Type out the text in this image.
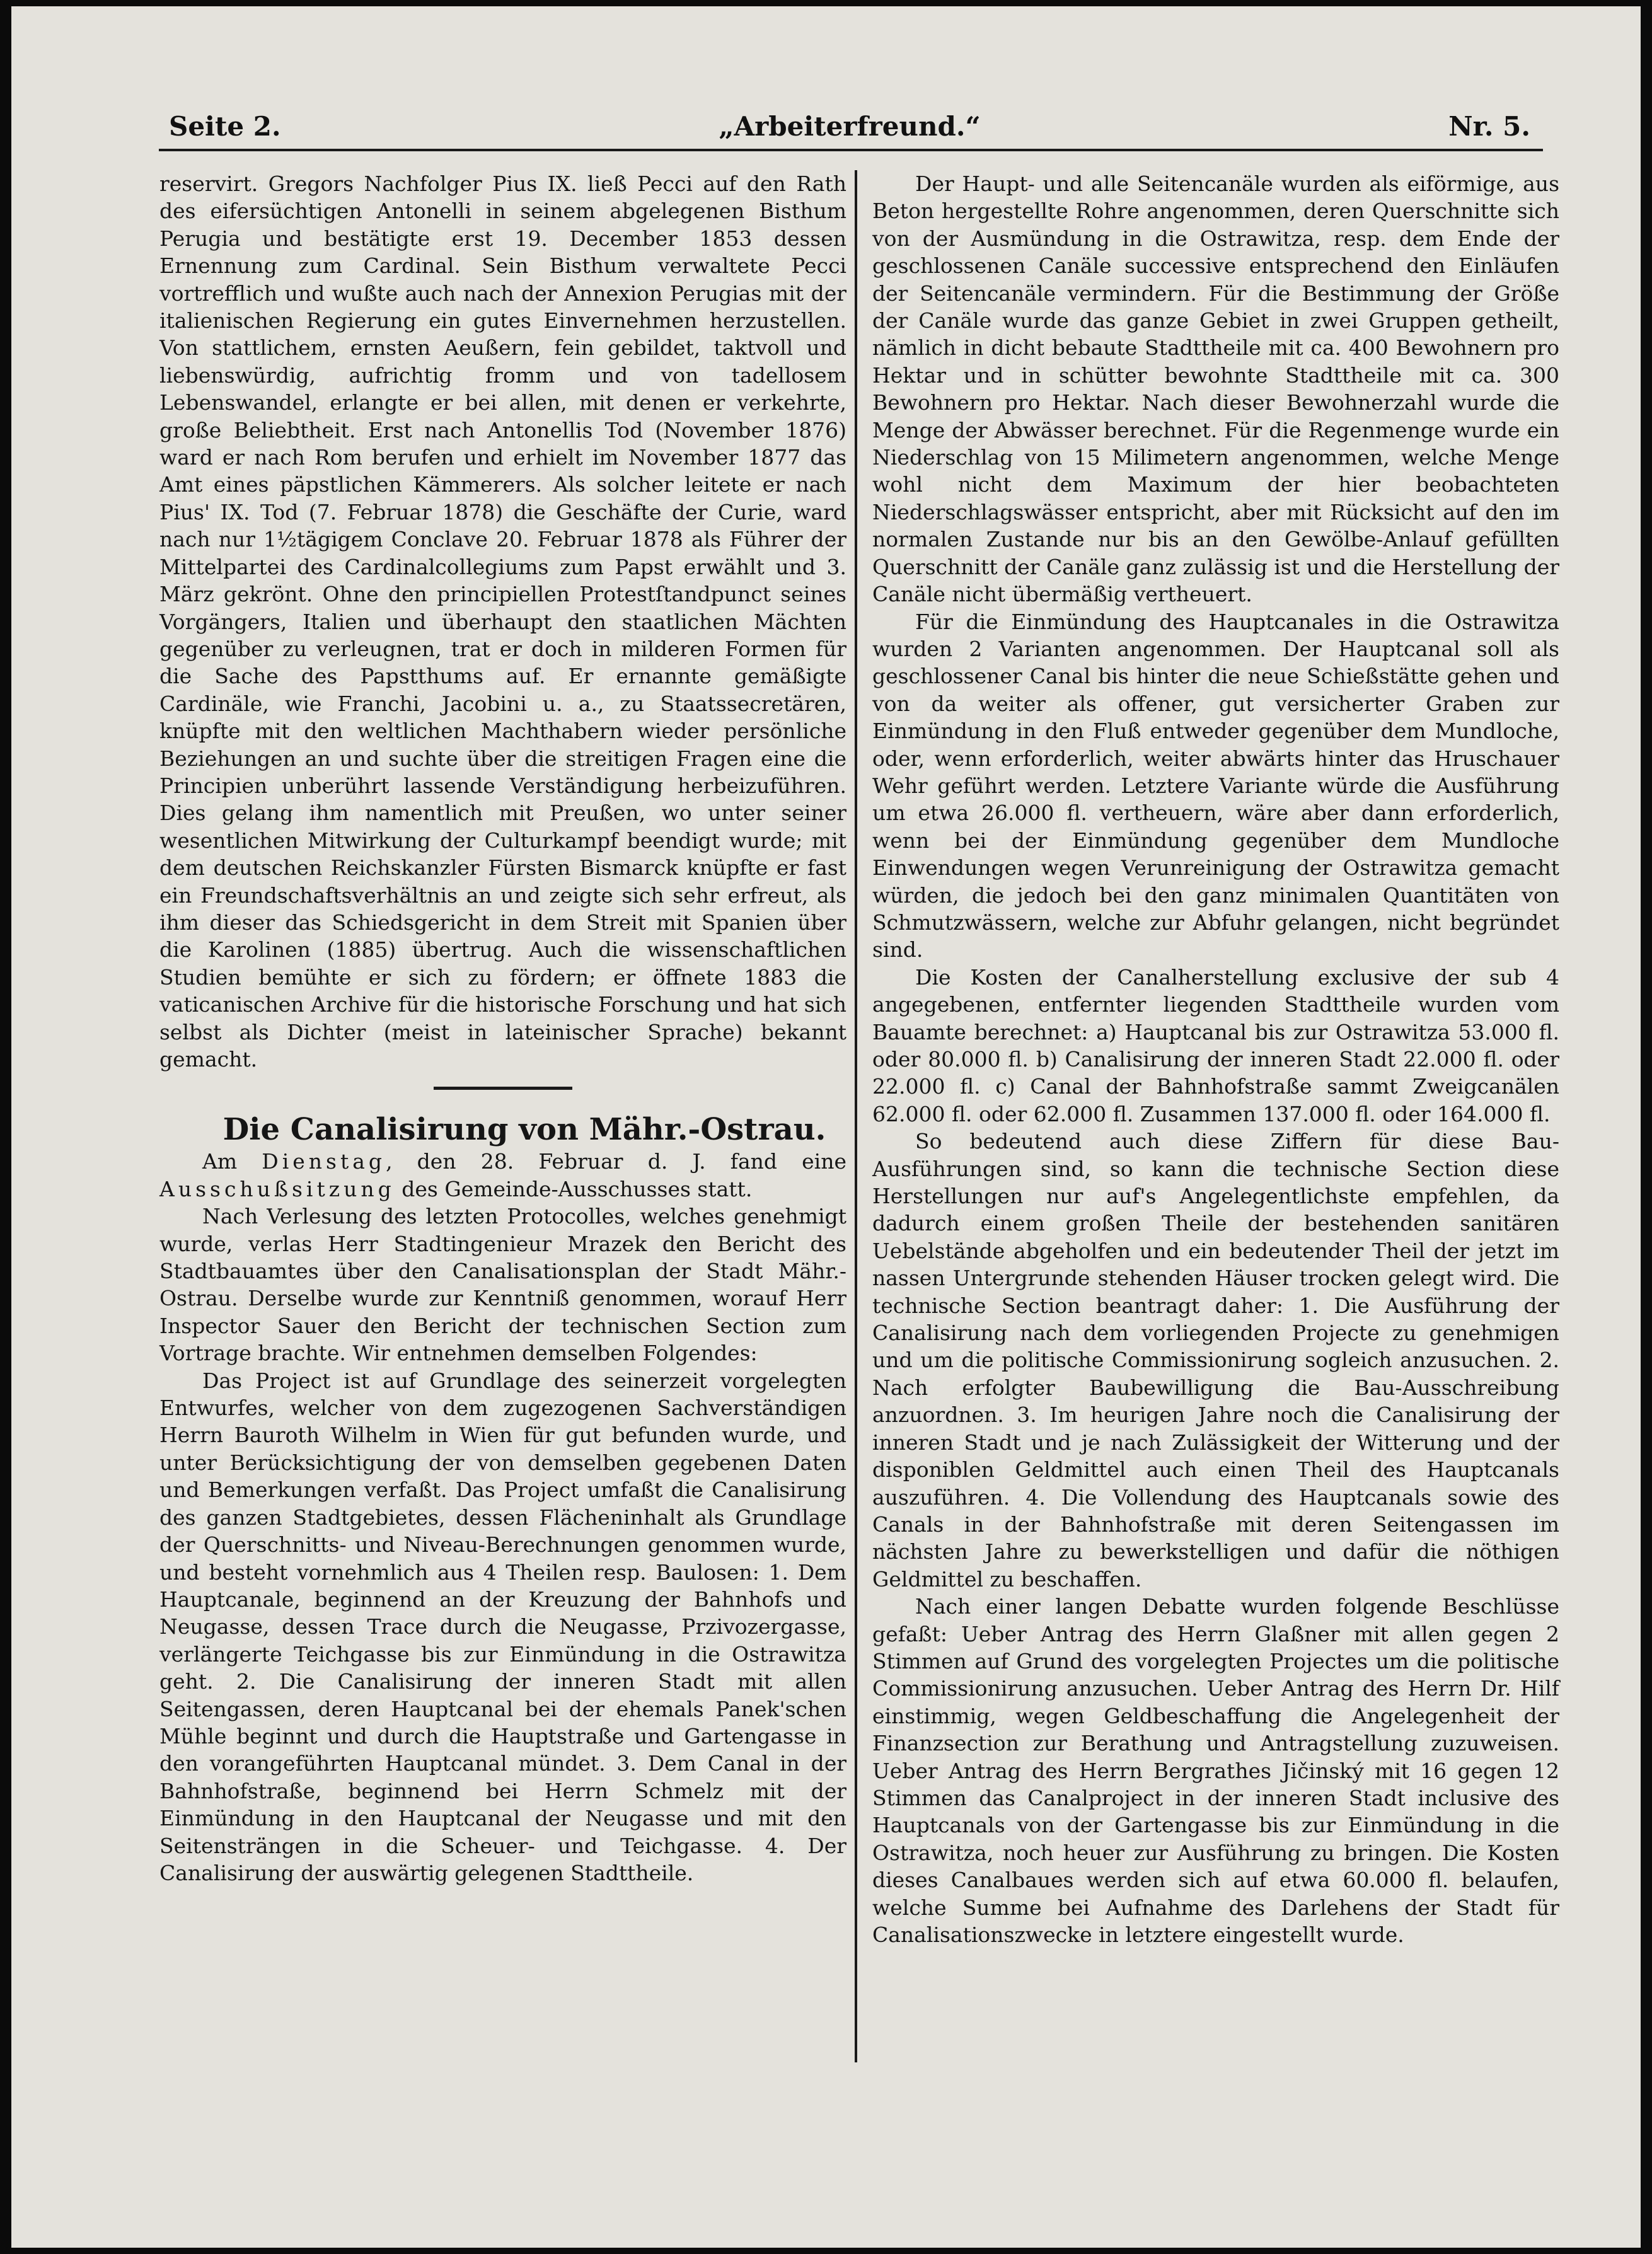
Seite 2.	„Arbeiterfreund.“	Nr. 5.

reservirt. Gregors Nachfolger Pius IX. ließ Pecci auf den Rath des eifersüchtigen Antonelli in seinem abgelegenen Bisthum Perugia und bestätigte erst 19. December 1853 dessen Ernennung zum Cardinal. Sein Bisthum verwaltete Pecci vortrefflich und wußte auch nach der Annexion Perugias mit der italienischen Regierung ein gutes Einvernehmen herzustellen. Von stattlichem, ernsten Aeußern, fein gebildet, taktvoll und liebenswürdig, aufrichtig fromm und von tadellosem Lebenswandel, erlangte er bei allen, mit denen er verkehrte, große Beliebtheit. Erst nach Antonellis Tod (November 1876) ward er nach Rom berufen und erhielt im November 1877 das Amt eines päpstlichen Kämmerers. Als solcher leitete er nach Pius' IX. Tod (7. Februar 1878) die Geschäfte der Curie, ward nach nur 1½tägigem Conclave 20. Februar 1878 als Führer der Mittelpartei des Cardinalcollegiums zum Papst erwählt und 3. März gekrönt. Ohne den principiellen Protestſtandpunct seines Vorgängers, Italien und überhaupt den staatlichen Mächten gegenüber zu verleugnen, trat er doch in milderen Formen für die Sache des Papstthums auf. Er ernannte gemäßigte Cardinäle, wie Franchi, Jacobini u. a., zu Staatssecretären, knüpfte mit den weltlichen Machthabern wieder persönliche Beziehungen an und suchte über die streitigen Fragen eine die Principien unberührt lassende Verständigung herbeizuführen. Dies gelang ihm namentlich mit Preußen, wo unter seiner wesentlichen Mitwirkung der Culturkampf beendigt wurde; mit dem deutschen Reichskanzler Fürsten Bismarck knüpfte er fast ein Freundschaftsverhältnis an und zeigte sich sehr erfreut, als ihm dieser das Schiedsgericht in dem Streit mit Spanien über die Karolinen (1885) übertrug. Auch die wissenschaftlichen Studien bemühte er sich zu fördern; er öffnete 1883 die vaticanischen Archive für die historische Forschung und hat sich selbst als Dichter (meist in lateinischer Sprache) bekannt gemacht.

Die Canalisirung von Mähr.-Ostrau.

Am Dienstag, den 28. Februar d. J. fand eine Ausschußsitzung des Gemeinde-Ausschusses statt.

Nach Verlesung des letzten Protocolles, welches genehmigt wurde, verlas Herr Stadtingenieur Mrazek den Bericht des Stadtbauamtes über den Canalisationsplan der Stadt Mähr.-Ostrau. Derselbe wurde zur Kenntniß genommen, worauf Herr Inspector Sauer den Bericht der technischen Section zum Vortrage brachte. Wir entnehmen demselben Folgendes:

Das Project ist auf Grundlage des seinerzeit vorgelegten Entwurfes, welcher von dem zugezogenen Sachverständigen Herrn Bauroth Wilhelm in Wien für gut befunden wurde, und unter Berücksichtigung der von demselben gegebenen Daten und Bemerkungen verfaßt. Das Project umfaßt die Canalisirung des ganzen Stadtgebietes, dessen Flächeninhalt als Grundlage der Querschnitts- und Niveau-Berechnungen genommen wurde, und besteht vornehmlich aus 4 Theilen resp. Baulosen: 1. Dem Hauptcanale, beginnend an der Kreuzung der Bahnhofs und Neugasse, dessen Trace durch die Neugasse, Przivozergasse, verlängerte Teichgasse bis zur Einmündung in die Ostrawitza geht. 2. Die Canalisirung der inneren Stadt mit allen Seitengassen, deren Hauptcanal bei der ehemals Panek'schen Mühle beginnt und durch die Hauptstraße und Gartengasse in den vorangeführten Hauptcanal mündet. 3. Dem Canal in der Bahnhofstraße, beginnend bei Herrn Schmelz mit der Einmündung in den Hauptcanal der Neugasse und mit den Seitensträngen in die Scheuer- und Teichgasse. 4. Der Canalisirung der auswärtig gelegenen Stadttheile.

Der Haupt- und alle Seitencanäle wurden als eiförmige, aus Beton hergestellte Rohre angenommen, deren Querschnitte sich von der Ausmündung in die Ostrawitza, resp. dem Ende der geschlossenen Canäle successive entsprechend den Einläufen der Seitencanäle vermindern. Für die Bestimmung der Größe der Canäle wurde das ganze Gebiet in zwei Gruppen getheilt, nämlich in dicht bebaute Stadttheile mit ca. 400 Bewohnern pro Hektar und in schütter bewohnte Stadttheile mit ca. 300 Bewohnern pro Hektar. Nach dieser Bewohnerzahl wurde die Menge der Abwässer berechnet. Für die Regenmenge wurde ein Niederschlag von 15 Milimetern angenommen, welche Menge wohl nicht dem Maximum der hier beobachteten Niederschlagswässer entspricht, aber mit Rücksicht auf den im normalen Zustande nur bis an den Gewölbe-Anlauf gefüllten Querschnitt der Canäle ganz zulässig ist und die Herstellung der Canäle nicht übermäßig vertheuert.

Für die Einmündung des Hauptcanales in die Ostrawitza wurden 2 Varianten angenommen. Der Hauptcanal soll als geschlossener Canal bis hinter die neue Schießstätte gehen und von da weiter als offener, gut versicherter Graben zur Einmündung in den Fluß entweder gegenüber dem Mundloche, oder, wenn erforderlich, weiter abwärts hinter das Hruschauer Wehr geführt werden. Letztere Variante würde die Ausführung um etwa 26.000 fl. vertheuern, wäre aber dann erforderlich, wenn bei der Einmündung gegenüber dem Mundloche Einwendungen wegen Verunreinigung der Ostrawitza gemacht würden, die jedoch bei den ganz minimalen Quantitäten von Schmutzwässern, welche zur Abfuhr gelangen, nicht begründet sind.

Die Kosten der Canalherstellung exclusive der sub 4 angegebenen, entfernter liegenden Stadttheile wurden vom Bauamte berechnet: a) Hauptcanal bis zur Ostrawitza 53.000 fl. oder 80.000 fl. b) Canalisirung der inneren Stadt 22.000 fl. oder 22.000 fl. c) Canal der Bahnhofstraße sammt Zweigcanälen 62.000 fl. oder 62.000 fl. Zusammen 137.000 fl. oder 164.000 fl.

So bedeutend auch diese Ziffern für diese Bau-Ausführungen sind, so kann die technische Section diese Herstellungen nur auf's Angelegentlichste empfehlen, da dadurch einem großen Theile der bestehenden sanitären Uebelstände abgeholfen und ein bedeutender Theil der jetzt im nassen Untergrunde stehenden Häuser trocken gelegt wird. Die technische Section beantragt daher: 1. Die Ausführung der Canalisirung nach dem vorliegenden Projecte zu genehmigen und um die politische Commissionirung sogleich anzusuchen. 2. Nach erfolgter Baubewilligung die Bau-Ausschreibung anzuordnen. 3. Im heurigen Jahre noch die Canalisirung der inneren Stadt und je nach Zulässigkeit der Witterung und der disponiblen Geldmittel auch einen Theil des Hauptcanals auszuführen. 4. Die Vollendung des Hauptcanals sowie des Canals in der Bahnhofstraße mit deren Seitengassen im nächsten Jahre zu bewerkstelligen und dafür die nöthigen Geldmittel zu beschaffen.

Nach einer langen Debatte wurden folgende Beschlüsse gefaßt: Ueber Antrag des Herrn Glaßner mit allen gegen 2 Stimmen auf Grund des vorgelegten Projectes um die politische Commissionirung anzusuchen. Ueber Antrag des Herrn Dr. Hilf einstimmig, wegen Geldbeschaffung die Angelegenheit der Finanzsection zur Berathung und Antragstellung zuzuweisen. Ueber Antrag des Herrn Bergrathes Jičinský mit 16 gegen 12 Stimmen das Canalproject in der inneren Stadt inclusive des Hauptcanals von der Gartengasse bis zur Einmündung in die Ostrawitza, noch heuer zur Ausführung zu bringen. Die Kosten dieses Canalbaues werden sich auf etwa 60.000 fl. belaufen, welche Summe bei Aufnahme des Darlehens der Stadt für Canalisationszwecke in letztere eingestellt wurde.
